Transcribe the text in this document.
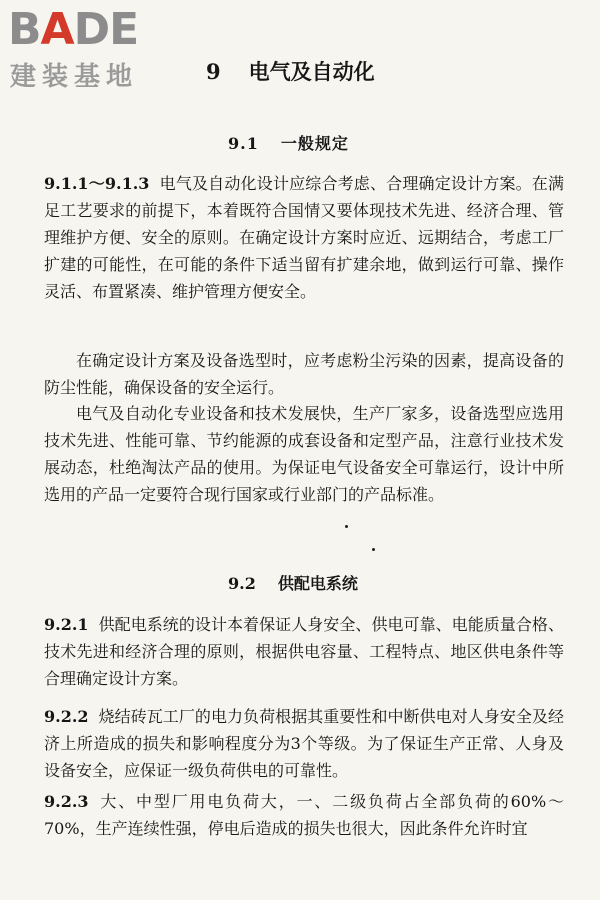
BADE
建装基地	9 电气及自动化
9.1 一般规定

9.1.1～9.1.3 电气及自动化设计应综合考虑、合理确定设计方案。在满足工艺要求的前提下，本着既符合国情又要体现技术先进、经济合理、管理维护方便、安全的原则。在确定设计方案时应近、远期结合，考虑工厂扩建的可能性，在可能的条件下适当留有扩建余地，做到运行可靠、操作灵活、布置紧凑、维护管理方便安全。

在确定设计方案及设备选型时，应考虑粉尘污染的因素，提高设备的防尘性能，确保设备的安全运行。

电气及自动化专业设备和技术发展快，生产厂家多，设备选型应选用技术先进、性能可靠、节约能源的成套设备和定型产品，注意行业技术发展动态，杜绝淘汰产品的使用。为保证电气设备安全可靠运行，设计中所选用的产品一定要符合现行国家或行业部门的产品标准。

9.2 供配电系统

9.2.1 供配电系统的设计本着保证人身安全、供电可靠、电能质量合格、技术先进和经济合理的原则，根据供电容量、工程特点、地区供电条件等合理确定设计方案。

9.2.2 烧结砖瓦工厂的电力负荷根据其重要性和中断供电对人身安全及经济上所造成的损失和影响程度分为3个等级。为了保证生产正常、人身及设备安全，应保证一级负荷供电的可靠性。

9.2.3 大、中型厂用电负荷大，一、二级负荷占全部负荷的60%～70%，生产连续性强，停电后造成的损失也很大，因此条件允许时宜
